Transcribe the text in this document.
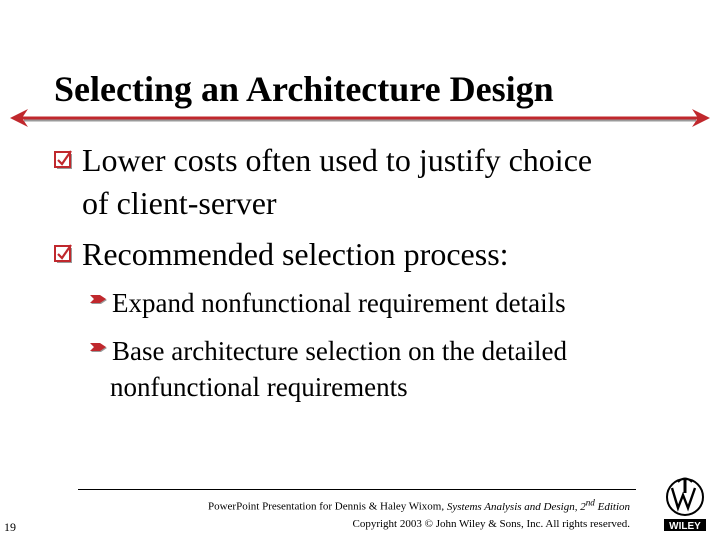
Selecting an Architecture Design
Lower costs often used to justify choice
of client-server
Recommended selection process:
Expand nonfunctional requirement details
Base architecture selection on the detailed
nonfunctional requirements
PowerPoint Presentation for Dennis & Haley Wixom, Systems Analysis and Design, 2nd Edition
Copyright 2003 © John Wiley & Sons, Inc. All rights reserved.
19	WILEY
